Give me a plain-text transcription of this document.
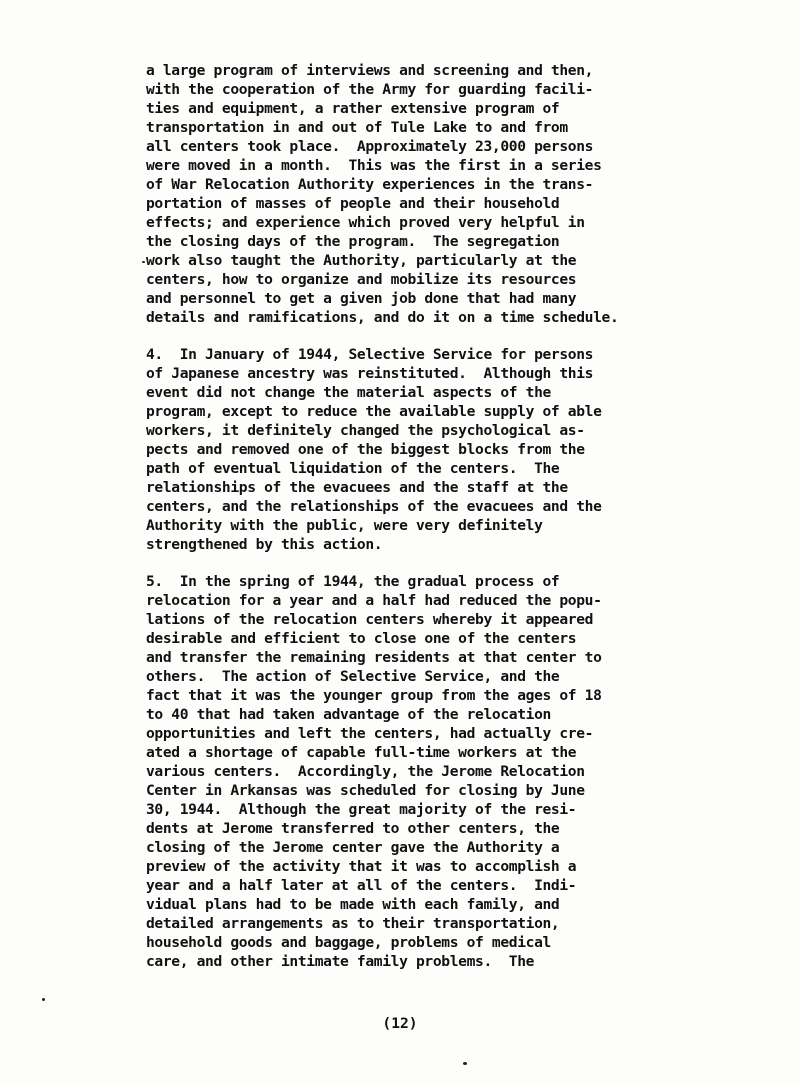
a large program of interviews and screening and then,
with the cooperation of the Army for guarding facili-
ties and equipment, a rather extensive program of
transportation in and out of Tule Lake to and from
all centers took place.  Approximately 23,000 persons
were moved in a month.  This was the first in a series
of War Relocation Authority experiences in the trans-
portation of masses of people and their household
effects; and experience which proved very helpful in
the closing days of the program.  The segregation
work also taught the Authority, particularly at the
centers, how to organize and mobilize its resources
and personnel to get a given job done that had many
details and ramifications, and do it on a time schedule.
4.  In January of 1944, Selective Service for persons
of Japanese ancestry was reinstituted.  Although this
event did not change the material aspects of the
program, except to reduce the available supply of able
workers, it definitely changed the psychological as-
pects and removed one of the biggest blocks from the
path of eventual liquidation of the centers.  The
relationships of the evacuees and the staff at the
centers, and the relationships of the evacuees and the
Authority with the public, were very definitely
strengthened by this action.
5.  In the spring of 1944, the gradual process of
relocation for a year and a half had reduced the popu-
lations of the relocation centers whereby it appeared
desirable and efficient to close one of the centers
and transfer the remaining residents at that center to
others.  The action of Selective Service, and the
fact that it was the younger group from the ages of 18
to 40 that had taken advantage of the relocation
opportunities and left the centers, had actually cre-
ated a shortage of capable full-time workers at the
various centers.  Accordingly, the Jerome Relocation
Center in Arkansas was scheduled for closing by June
30, 1944.  Although the great majority of the resi-
dents at Jerome transferred to other centers, the
closing of the Jerome center gave the Authority a
preview of the activity that it was to accomplish a
year and a half later at all of the centers.  Indi-
vidual plans had to be made with each family, and
detailed arrangements as to their transportation,
household goods and baggage, problems of medical
care, and other intimate family problems.  The
(12)
